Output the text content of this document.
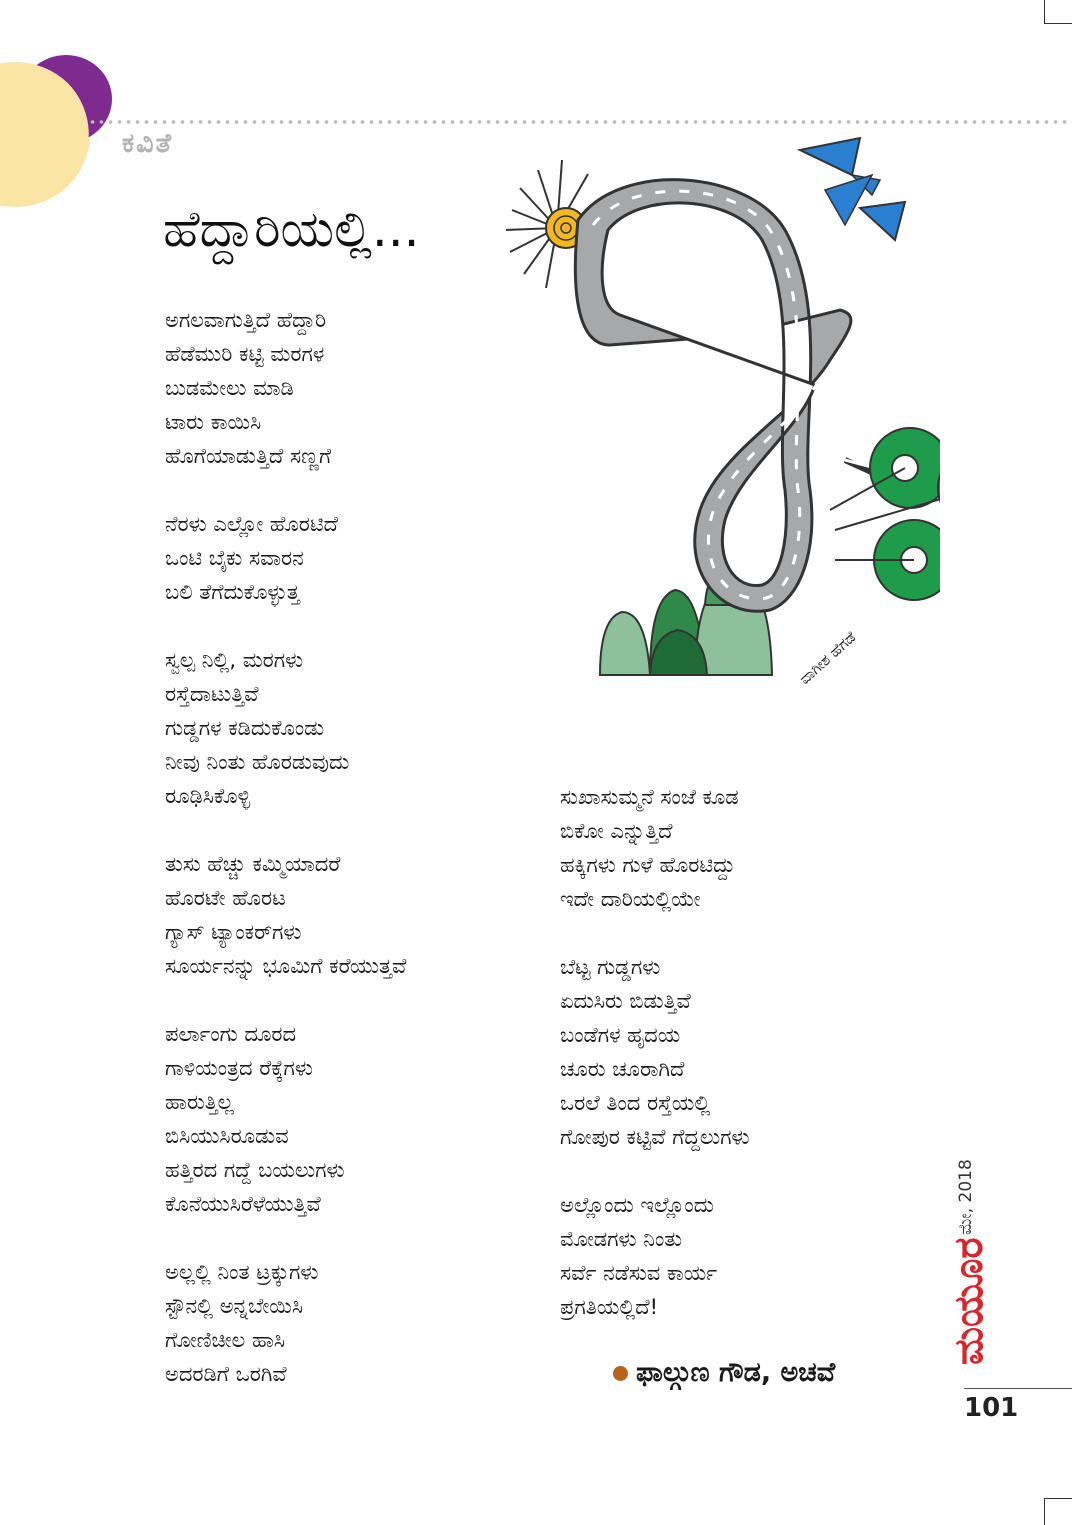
ಕವಿತೆ
ಹೆದ್ದಾರಿಯಲ್ಲಿ...
ವಾಗೀಶ ಹೆಗಡೆ
ಅಗಲವಾಗುತ್ತಿದೆ ಹೆದ್ದಾರಿ
ಹೆಡೆಮುರಿ ಕಟ್ಟಿ ಮರಗಳ
ಬುಡಮೇಲು ಮಾಡಿ
ಟಾರು ಕಾಯಿಸಿ
ಹೊಗೆಯಾಡುತ್ತಿದೆ ಸಣ್ಣಗೆ
ನೆರಳು ಎಲ್ಲೋ ಹೊರಟಿದೆ
ಒಂಟಿ ಬೈಕು ಸವಾರನ
ಬಲಿ ತೆಗೆದುಕೊಳ್ಳುತ್ತ
ಸ್ವಲ್ಪ ನಿಲ್ಲಿ, ಮರಗಳು
ರಸ್ತೆದಾಟುತ್ತಿವೆ
ಗುಡ್ಡಗಳ ಕಡಿದುಕೊಂಡು
ನೀವು ನಿಂತು ಹೊರಡುವುದು
ರೂಢಿಸಿಕೊಳ್ಳಿ
ತುಸು ಹೆಚ್ಚು ಕಮ್ಮಿಯಾದರೆ
ಹೊರಟೇ ಹೊರಟ
ಗ್ಯಾಸ್ ಟ್ಯಾಂಕರ್‌ಗಳು
ಸೂರ್ಯನನ್ನು ಭೂಮಿಗೆ ಕರೆಯುತ್ತವೆ
ಪರ್ಲಾಂಗು ದೂರದ
ಗಾಳಿಯಂತ್ರದ ರೆಕ್ಕೆಗಳು
ಹಾರುತ್ತಿಲ್ಲ
ಬಿಸಿಯುಸಿರೂಡುವ
ಹತ್ತಿರದ ಗದ್ದೆ ಬಯಲುಗಳು
ಕೊನೆಯುಸಿರೆಳೆಯುತ್ತಿವೆ
ಅಲ್ಲಲ್ಲಿ ನಿಂತ ಟ್ರಕ್ಕುಗಳು
ಸ್ಟೌನಲ್ಲಿ ಅನ್ನಬೇಯಿಸಿ
ಗೋಣಿಚೀಲ ಹಾಸಿ
ಅದರಡಿಗೆ ಒರಗಿವೆ
ಸುಖಾಸುಮ್ಮನೆ ಸಂಜೆ ಕೂಡ
ಬಿಕೋ ಎನ್ನುತ್ತಿದೆ
ಹಕ್ಕಿಗಳು ಗುಳೆ ಹೊರಟಿದ್ದು
ಇದೇ ದಾರಿಯಲ್ಲಿಯೇ
ಬೆಟ್ಟ ಗುಡ್ಡಗಳು
ಏದುಸಿರು ಬಿಡುತ್ತಿವೆ
ಬಂಡೆಗಳ ಹೃದಯ
ಚೂರು ಚೂರಾಗಿದೆ
ಒರಲೆ ತಿಂದ ರಸ್ತೆಯಲ್ಲಿ
ಗೋಪುರ ಕಟ್ಟಿವೆ ಗೆದ್ದಲುಗಳು
ಅಲ್ಲೊಂದು ಇಲ್ಲೊಂದು
ಮೋಡಗಳು ನಿಂತು
ಸರ್ವೆ ನಡೆಸುವ ಕಾರ್ಯ
ಪ್ರಗತಿಯಲ್ಲಿದೆ!
ಫಾಲ್ಗುಣ ಗೌಡ, ಅಚವೆ
ಮೇ, 2018
ಮಯೂರ
101
